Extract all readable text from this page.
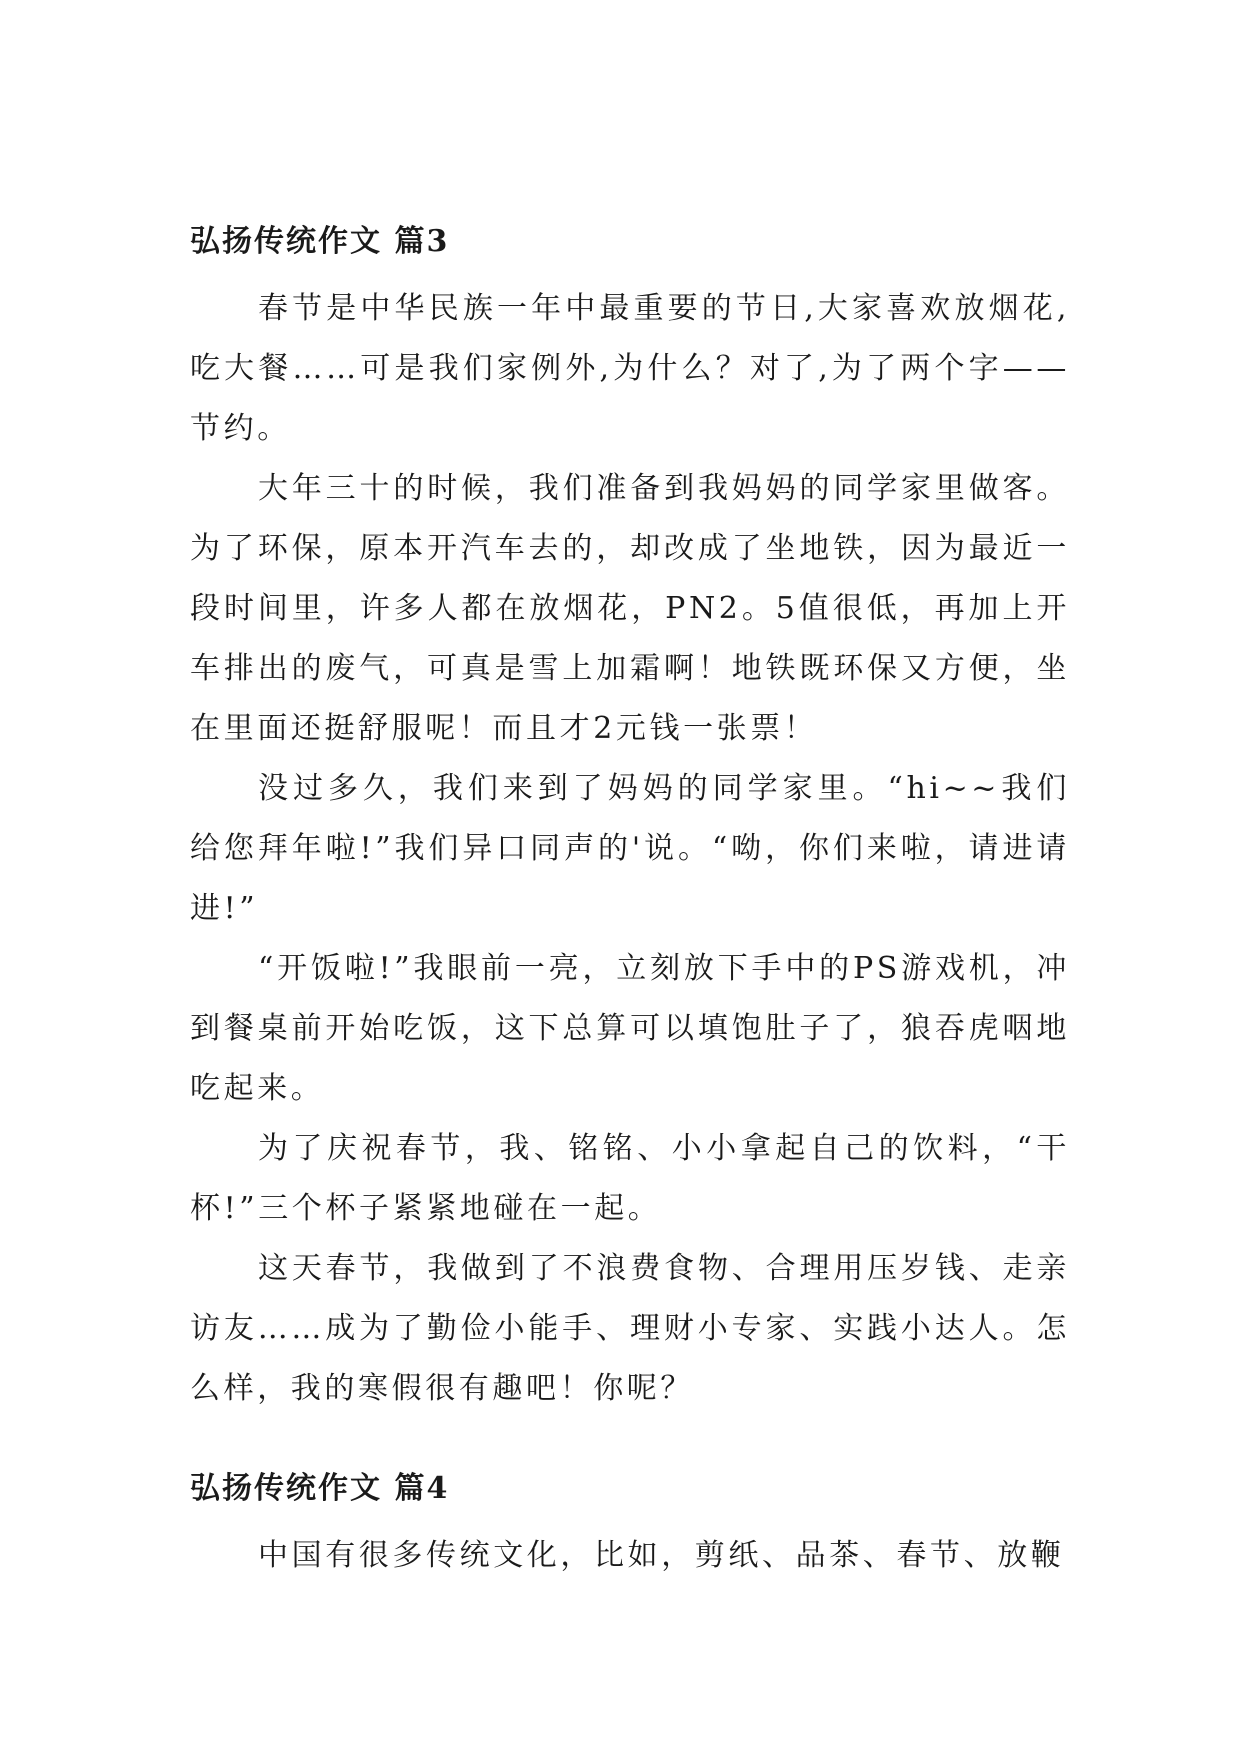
弘扬传统作文 篇3

春节是中华民族一年中最重要的节日,大家喜欢放烟花,吃大餐……可是我们家例外,为什么？对了,为了两个字——节约。

大年三十的时候，我们准备到我妈妈的同学家里做客。为了环保，原本开汽车去的，却改成了坐地铁，因为最近一段时间里，许多人都在放烟花，PN2。5值很低，再加上开车排出的废气，可真是雪上加霜啊！地铁既环保又方便，坐在里面还挺舒服呢！而且才2元钱一张票！

没过多久，我们来到了妈妈的同学家里。“hi~~我们给您拜年啦!”我们异口同声的'说。“呦，你们来啦，请进请进!”

“开饭啦!”我眼前一亮，立刻放下手中的PS游戏机，冲到餐桌前开始吃饭，这下总算可以填饱肚子了，狼吞虎咽地吃起来。

为了庆祝春节，我、铭铭、小小拿起自己的饮料，“干杯!”三个杯子紧紧地碰在一起。

这天春节，我做到了不浪费食物、合理用压岁钱、走亲访友……成为了勤俭小能手、理财小专家、实践小达人。怎么样，我的寒假很有趣吧！你呢？

弘扬传统作文 篇4

中国有很多传统文化，比如，剪纸、品茶、春节、放鞭
